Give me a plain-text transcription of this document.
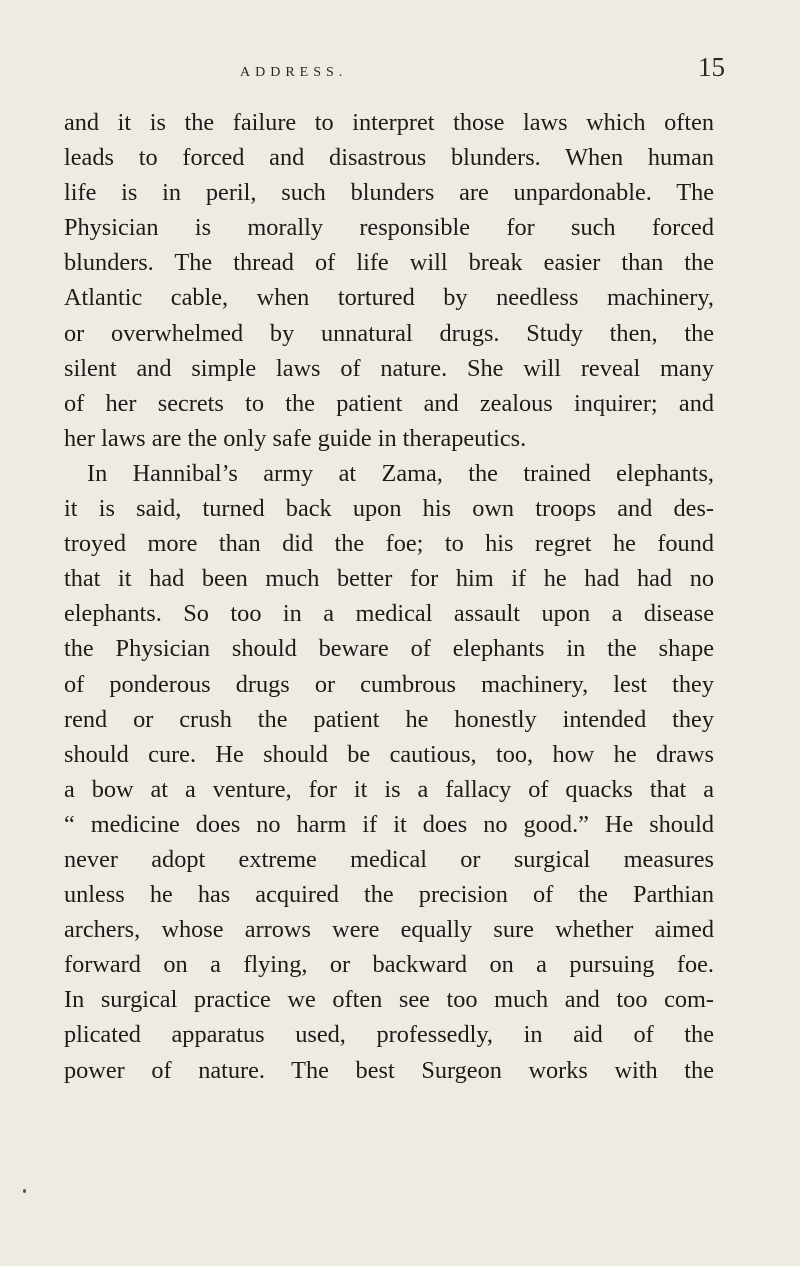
ADDRESS.	15
and it is the failure to interpret those laws which often
leads to forced and disastrous blunders. When human
life is in peril, such blunders are unpardonable. The
Physician is morally responsible for such forced
blunders. The thread of life will break easier than the
Atlantic cable, when tortured by needless machinery,
or overwhelmed by unnatural drugs. Study then, the
silent and simple laws of nature. She will reveal many
of her secrets to the patient and zealous inquirer; and
her laws are the only safe guide in therapeutics.
In Hannibal’s army at Zama, the trained elephants,
it is said, turned back upon his own troops and des-
troyed more than did the foe; to his regret he found
that it had been much better for him if he had had no
elephants. So too in a medical assault upon a disease
the Physician should beware of elephants in the shape
of ponderous drugs or cumbrous machinery, lest they
rend or crush the patient he honestly intended they
should cure. He should be cautious, too, how he draws
a bow at a venture, for it is a fallacy of quacks that a
“ medicine does no harm if it does no good.” He should
never adopt extreme medical or surgical measures
unless he has acquired the precision of the Parthian
archers, whose arrows were equally sure whether aimed
forward on a flying, or backward on a pursuing foe.
In surgical practice we often see too much and too com-
plicated apparatus used, professedly, in aid of the
power of nature. The best Surgeon works with the
